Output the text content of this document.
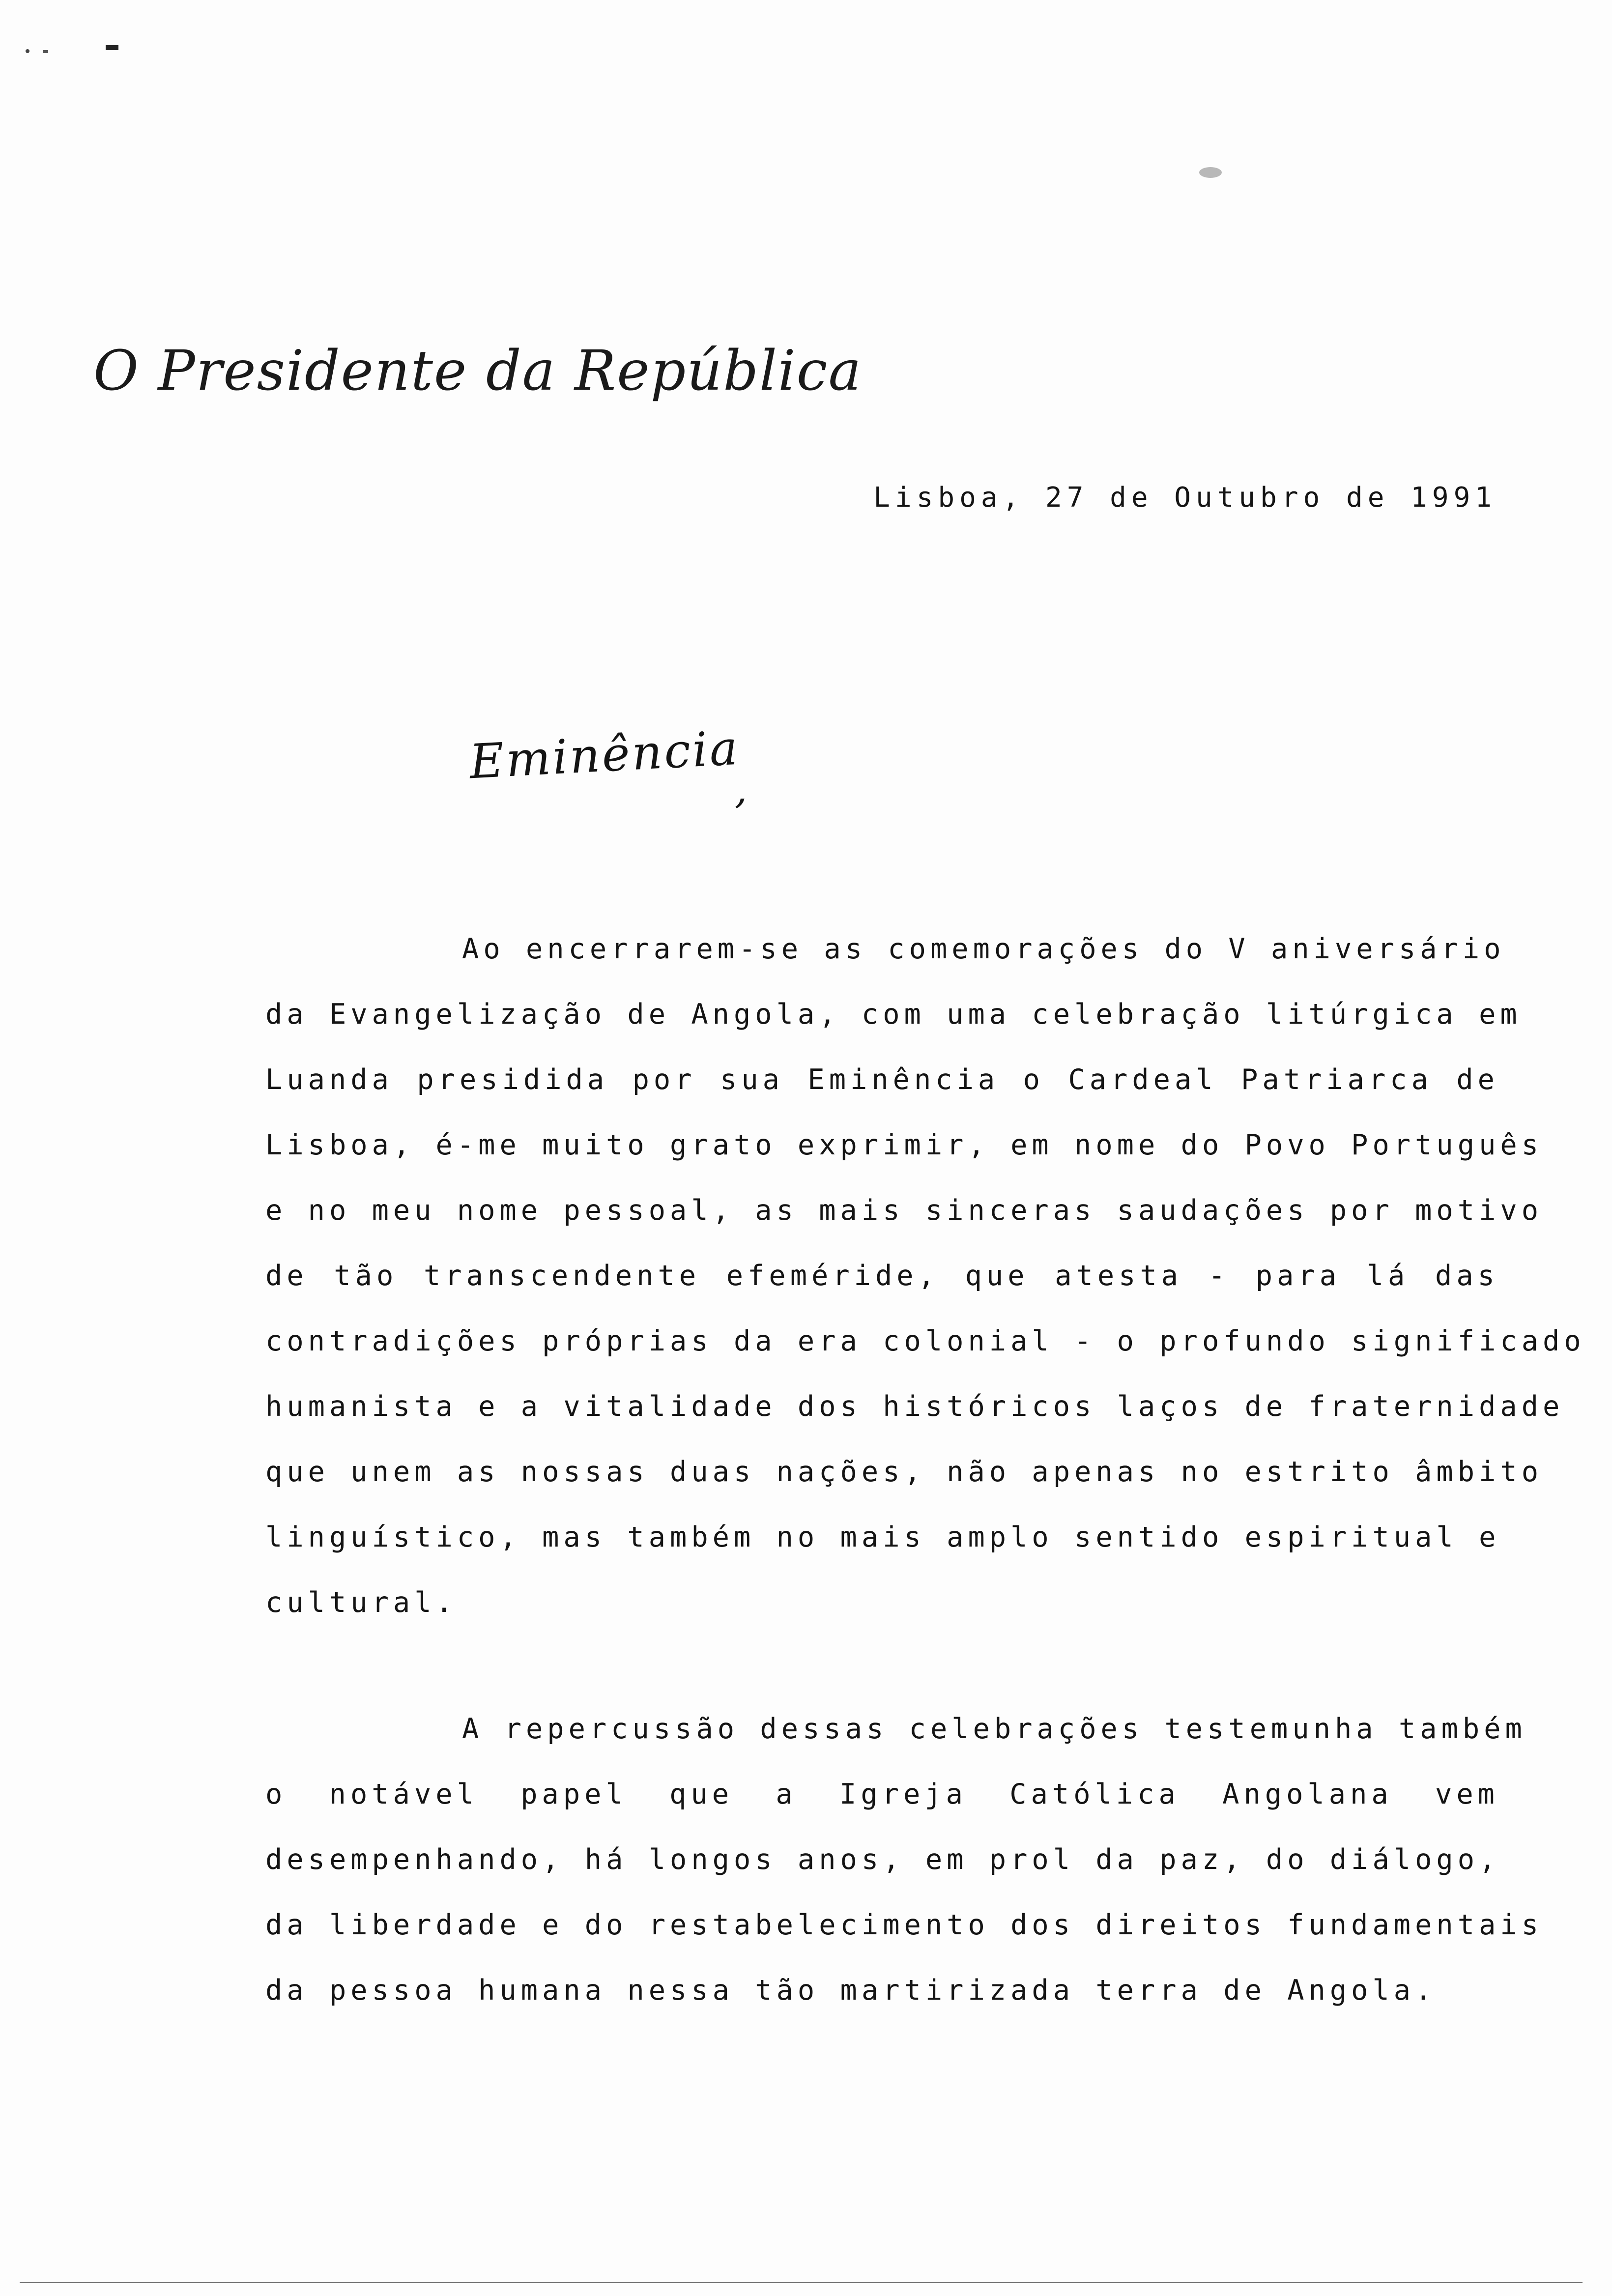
O Presidente da República
Lisboa, 27 de Outubro de 1991
Eminência
,
Ao encerrarem-se as comemorações do V aniversário
da Evangelização de Angola, com uma celebração litúrgica em
Luanda presidida por sua Eminência o Cardeal Patriarca de
Lisboa, é-me muito grato exprimir, em nome do Povo Português
e no meu nome pessoal, as mais sinceras saudações por motivo
de tão transcendente efeméride, que atesta - para lá das
contradições próprias da era colonial - o profundo significado
humanista e a vitalidade dos históricos laços de fraternidade
que unem as nossas duas nações, não apenas no estrito âmbito
linguístico, mas também no mais amplo sentido espiritual e
cultural.
A repercussão dessas celebrações testemunha também
o notável papel que a Igreja Católica Angolana vem
desempenhando, há longos anos, em prol da paz, do diálogo,
da liberdade e do restabelecimento dos direitos fundamentais
da pessoa humana nessa tão martirizada terra de Angola.
